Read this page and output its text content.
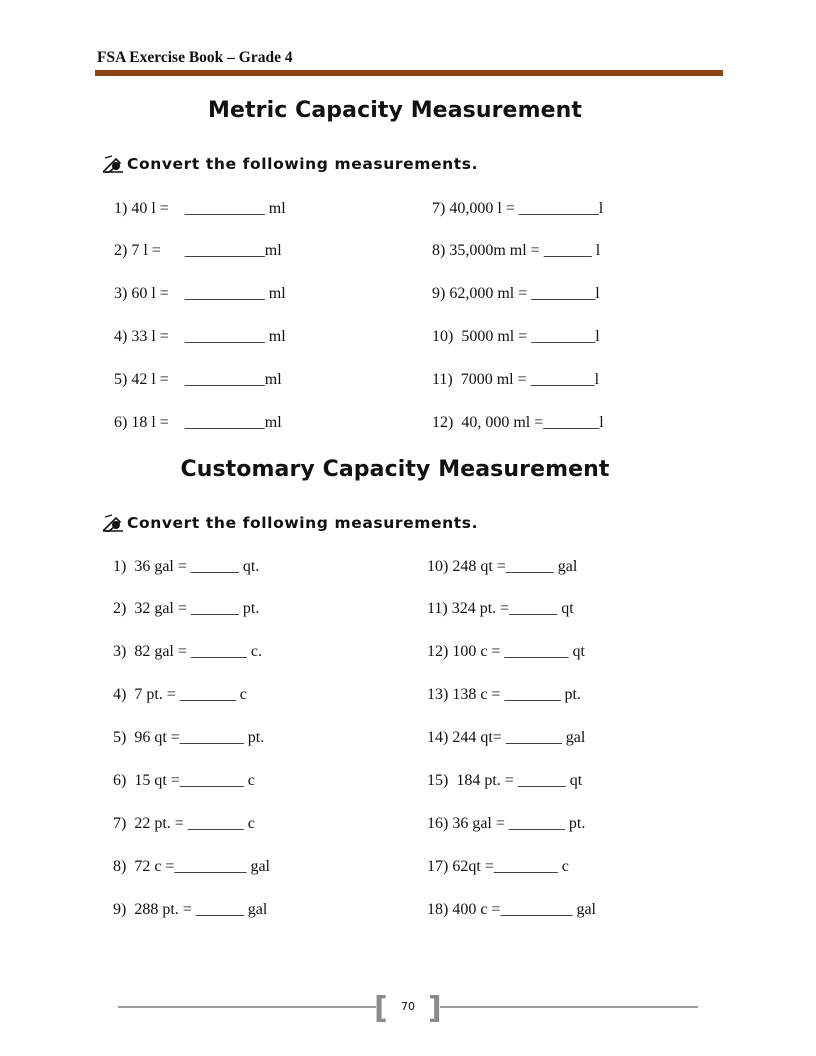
FSA Exercise Book – Grade 4
Metric Capacity Measurement
Convert the following measurements.
1) 40 l =    __________ ml
2) 7 l =      __________ml
3) 60 l =    __________ ml
4) 33 l =    __________ ml
5) 42 l =    __________ml
6) 18 l =    __________ml
7) 40,000 l = __________l
8) 35,000m ml = ______ l
9) 62,000 ml = ________l
10)  5000 ml = ________l
11)  7000 ml = ________l
12)  40, 000 ml =_______l
Customary Capacity Measurement
Convert the following measurements.
1)  36 gal = ______ qt.
2)  32 gal = ______ pt.
3)  82 gal = _______ c.
4)  7 pt. = _______ c
5)  96 qt =________ pt.
6)  15 qt =________ c
7)  22 pt. = _______ c
8)  72 c =_________ gal
9)  288 pt. = ______ gal
10) 248 qt =______ gal
11) 324 pt. =______ qt
12) 100 c = ________ qt
13) 138 c = _______ pt.
14) 244 qt= _______ gal
15)  184 pt. = ______ qt
16) 36 gal = _______ pt.
17) 62qt =________ c
18) 400 c =_________ gal
[ ]
70
